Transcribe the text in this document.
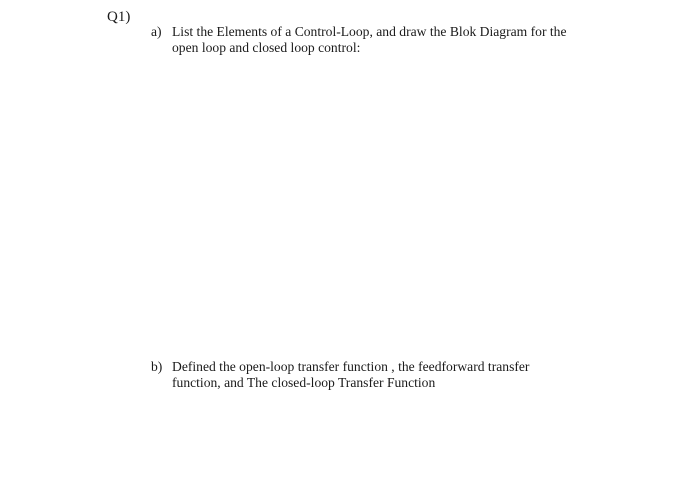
Q1)
a) List the Elements of a Control-Loop, and draw the Blok Diagram for the
open loop and closed loop control:
b) Defined the open-loop transfer function , the feedforward transfer
function, and The closed-loop Transfer Function
